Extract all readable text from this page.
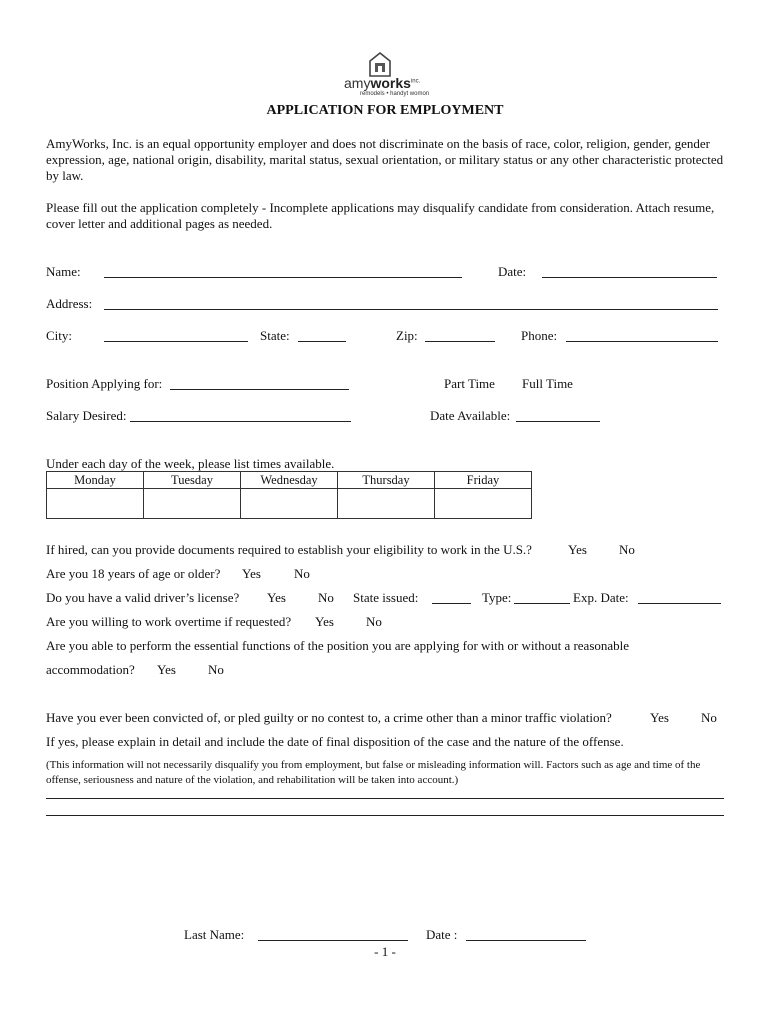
amyworks$^{inc.}$
remodels • handyt womon
APPLICATION FOR EMPLOYMENT
AmyWorks, Inc. is an equal opportunity employer and does not discriminate on the basis of race, color, religion, gender, gender expression, age, national origin, disability, marital status, sexual orientation, or military status or any other characteristic protected by law.
Please fill out the application completely - Incomplete applications may disqualify candidate from consideration. Attach resume, cover letter and additional pages as needed.
Name:	Date:
Address:
City:	State:	Zip:	Phone:
Position Applying for:	Part Time Full Time
Salary Desired:	Date Available:
Under each day of the week, please list times available.
Monday	Tuesday	Wednesday	Thursday	Friday

If hired, can you provide documents required to establish your eligibility to work in the U.S.?	Yes No
Are you 18 years of age or older? Yes	No
Do you have a valid driver’s license? Yes No State issued:	Type:	Exp. Date:
Are you willing to work overtime if requested? Yes No
Are you able to perform the essential functions of the position you are applying for with or without a reasonable
accommodation? Yes No
Have you ever been convicted of, or pled guilty or no contest to, a crime other than a minor traffic violation?	Yes No
If yes, please explain in detail and include the date of final disposition of the case and the nature of the offense.
(This information will not necessarily disqualify you from employment, but false or misleading information will. Factors such as age and time of the offense, seriousness and nature of the violation, and rehabilitation will be taken into account.)
Last Name:	Date :
- 1 -
